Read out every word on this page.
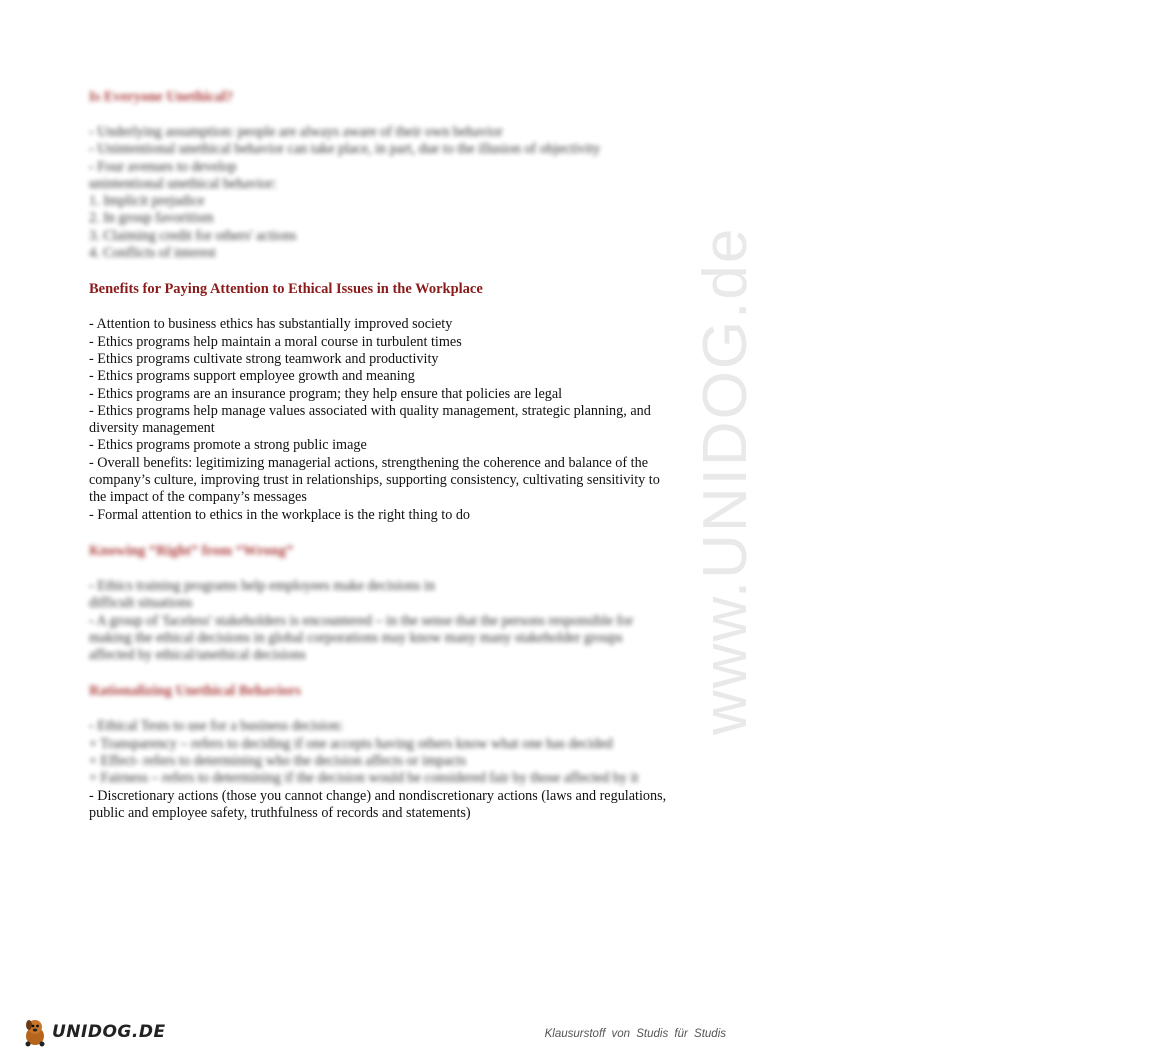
www.UNIDOG.de
Is Everyone Unethical?
- Underlying assumption: people are always aware of their own behavior
- Unintentional unethical behavior can take place, in part, due to the illusion of objectivity
- Four avenues to develop
unintentional unethical behavior:
1. Implicit prejudice
2. In group favoritism
3. Claiming credit for others' actions
4. Conflicts of interest
Benefits for Paying Attention to Ethical Issues in the Workplace
- Attention to business ethics has substantially improved society
- Ethics programs help maintain a moral course in turbulent times
- Ethics programs cultivate strong teamwork and productivity
- Ethics programs support employee growth and meaning
- Ethics programs are an insurance program; they help ensure that policies are legal
- Ethics programs help manage values associated with quality management, strategic planning, and diversity management
- Ethics programs promote a strong public image
- Overall benefits: legitimizing managerial actions, strengthening the coherence and balance of the company’s culture, improving trust in relationships, supporting consistency, cultivating sensitivity to the impact of the company’s messages
- Formal attention to ethics in the workplace is the right thing to do
Knowing “Right” from “Wrong”
- Ethics training programs help employees make decisions in
difficult situations
- A group of 'faceless' stakeholders is encountered – in the sense that the persons responsible for making the ethical decisions in global corporations may know many many stakeholder groups affected by ethical/unethical decisions
Rationalizing Unethical Behaviors
- Ethical Tests to use for a business decision:
+ Transparency – refers to deciding if one accepts having others know what one has decided
+ Effect- refers to determining who the decision affects or impacts
+ Fairness – refers to determining if the decision would be considered fair by those affected by it
- Discretionary actions (those you cannot change) and nondiscretionary actions (laws and regulations, public and employee safety, truthfulness of records and statements)
UNIDOG.DE	Klausurstoff von Studis für Studis
